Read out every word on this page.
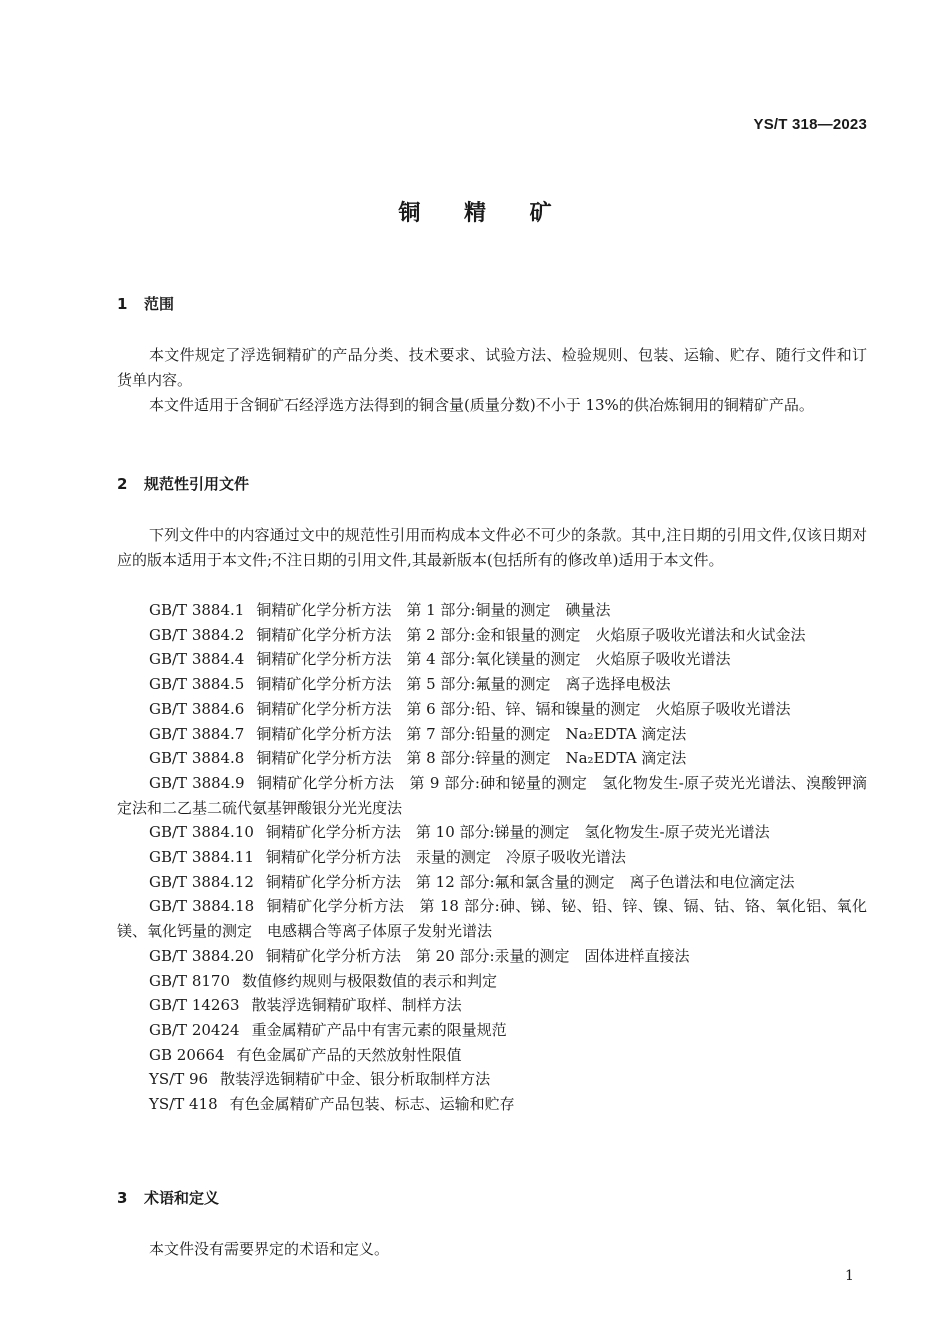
YS/T 318—2023
铜 精 矿
1 范围
本文件规定了浮选铜精矿的产品分类、技术要求、试验方法、检验规则、包装、运输、贮存、随行文件和订货单内容。
本文件适用于含铜矿石经浮选方法得到的铜含量(质量分数)不小于 13%的供冶炼铜用的铜精矿产品。
2 规范性引用文件
下列文件中的内容通过文中的规范性引用而构成本文件必不可少的条款。其中,注日期的引用文件,仅该日期对应的版本适用于本文件;不注日期的引用文件,其最新版本(包括所有的修改单)适用于本文件。

GB/T 3884.1 铜精矿化学分析方法　第 1 部分:铜量的测定　碘量法

GB/T 3884.2 铜精矿化学分析方法　第 2 部分:金和银量的测定　火焰原子吸收光谱法和火试金法

GB/T 3884.4 铜精矿化学分析方法　第 4 部分:氧化镁量的测定　火焰原子吸收光谱法

GB/T 3884.5 铜精矿化学分析方法　第 5 部分:氟量的测定　离子选择电极法

GB/T 3884.6 铜精矿化学分析方法　第 6 部分:铅、锌、镉和镍量的测定　火焰原子吸收光谱法

GB/T 3884.7 铜精矿化学分析方法　第 7 部分:铅量的测定　Na₂EDTA 滴定法

GB/T 3884.8 铜精矿化学分析方法　第 8 部分:锌量的测定　Na₂EDTA 滴定法

GB/T 3884.9 铜精矿化学分析方法　第 9 部分:砷和铋量的测定　氢化物发生-原子荧光光谱法、溴酸钾滴定法和二乙基二硫代氨基钾酸银分光光度法

GB/T 3884.10 铜精矿化学分析方法　第 10 部分:锑量的测定　氢化物发生-原子荧光光谱法

GB/T 3884.11 铜精矿化学分析方法　汞量的测定　冷原子吸收光谱法

GB/T 3884.12 铜精矿化学分析方法　第 12 部分:氟和氯含量的测定　离子色谱法和电位滴定法

GB/T 3884.18 铜精矿化学分析方法　第 18 部分:砷、锑、铋、铅、锌、镍、镉、钴、铬、氧化铝、氧化镁、氧化钙量的测定　电感耦合等离子体原子发射光谱法

GB/T 3884.20 铜精矿化学分析方法　第 20 部分:汞量的测定　固体进样直接法

GB/T 8170 数值修约规则与极限数值的表示和判定

GB/T 14263 散装浮选铜精矿取样、制样方法

GB/T 20424 重金属精矿产品中有害元素的限量规范

GB 20664 有色金属矿产品的天然放射性限值

YS/T 96 散装浮选铜精矿中金、银分析取制样方法

YS/T 418 有色金属精矿产品包装、标志、运输和贮存

3 术语和定义
本文件没有需要界定的术语和定义。
1
